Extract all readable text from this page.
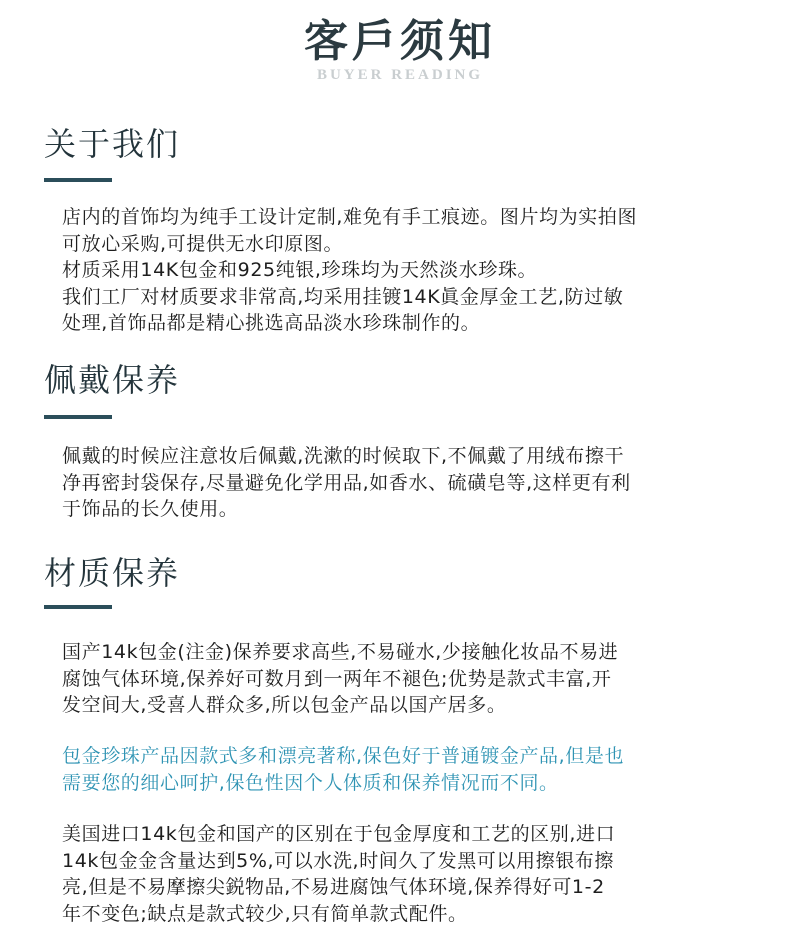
客戶须知
BUYER READING
关于我们
店内的首饰均为纯手工设计定制,难免有手工痕迹。图片均为实拍图
可放心采购,可提供无水印原图。
材质采用14K包金和925纯银,珍珠均为天然淡水珍珠。
我们工厂对材质要求非常高,均采用挂镀14K眞金厚金工艺,防过敏
处理,首饰品都是精心挑选高品淡水珍珠制作的。
佩戴保养
佩戴的时候应注意妆后佩戴,洗漱的时候取下,不佩戴了用绒布擦干
净再密封袋保存,尽量避免化学用品,如香水、硫磺皂等,这样更有利
于饰品的长久使用。
材质保养
国产14k包金(注金)保养要求高些,不易碰水,少接触化妆品不易进
腐蚀气体环境,保养好可数月到一两年不褪色;优势是款式丰富,开
发空间大,受喜人群众多,所以包金产品以国产居多。
包金珍珠产品因款式多和漂亮著称,保色好于普通镀金产品,但是也
需要您的细心呵护,保色性因个人体质和保养情况而不同。
美国进口14k包金和国产的区别在于包金厚度和工艺的区别,进口
14k包金金含量达到5%,可以水洗,时间久了发黑可以用擦银布擦
亮,但是不易摩擦尖鋭物品,不易进腐蚀气体环境,保养得好可1-2
年不变色;缺点是款式较少,只有简单款式配件。
